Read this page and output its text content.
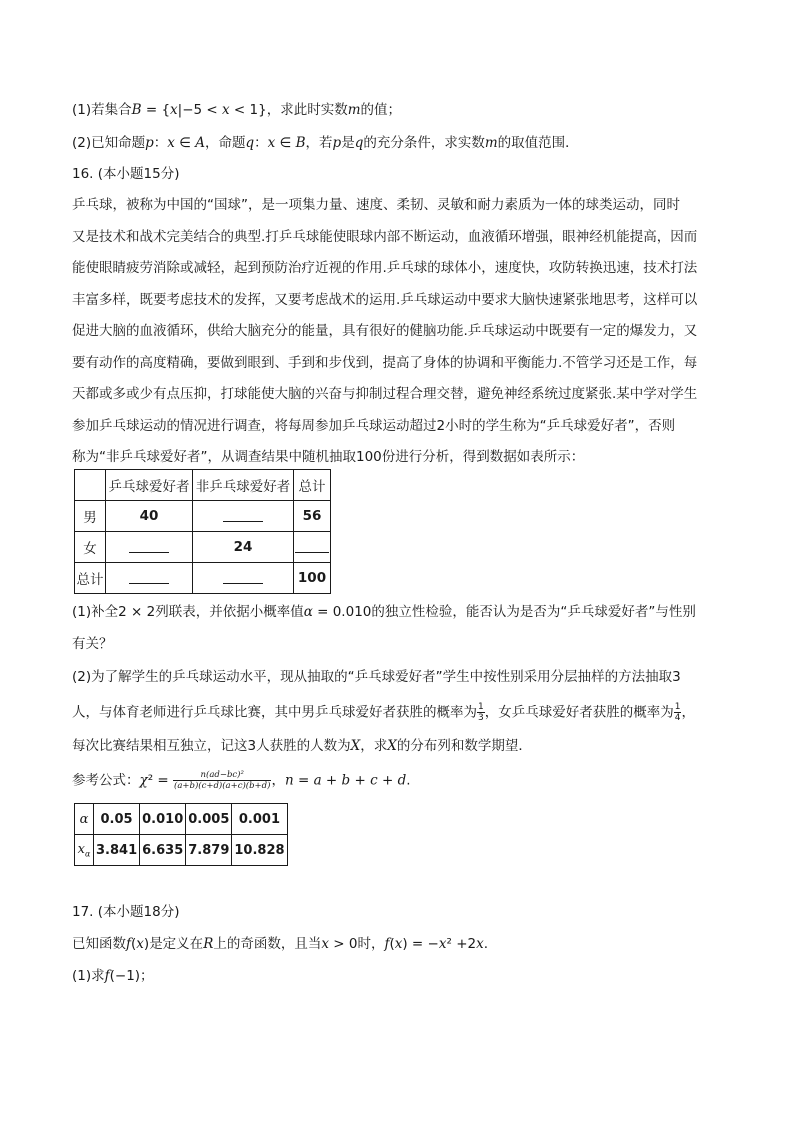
(1)若集合B = {x|−5 < x < 1}，求此时实数m的值；
(2)已知命题p：x ∈ A，命题q：x ∈ B，若p是q的充分条件，求实数m的取值范围．
16. (本小题15分)
乒乓球，被称为中国的“国球”，是一项集力量、速度、柔韧、灵敏和耐力素质为一体的球类运动，同时
又是技术和战术完美结合的典型.打乒乓球能使眼球内部不断运动，血液循环增强，眼神经机能提高，因而
能使眼睛疲劳消除或减轻，起到预防治疗近视的作用.乒乓球的球体小，速度快，攻防转换迅速，技术打法
丰富多样，既要考虑技术的发挥，又要考虑战术的运用.乒乓球运动中要求大脑快速紧张地思考，这样可以
促进大脑的血液循环，供给大脑充分的能量，具有很好的健脑功能.乒乓球运动中既要有一定的爆发力，又
要有动作的高度精确，要做到眼到、手到和步伐到，提高了身体的协调和平衡能力.不管学习还是工作，每
天都或多或少有点压抑，打球能使大脑的兴奋与抑制过程合理交替，避免神经系统过度紧张.某中学对学生
参加乒乓球运动的情况进行调查，将每周参加乒乓球运动超过2小时的学生称为“乒乓球爱好者”，否则
称为“非乒乓球爱好者”，从调查结果中随机抽取100份进行分析，得到数据如表所示：
	乒乓球爱好者	非乒乓球爱好者	总计
男	40		56
女		24	
总计			100
(1)补全2 × 2列联表，并依据小概率值α = 0.010的独立性检验，能否认为是否为“乒乓球爱好者”与性别
有关？
(2)为了解学生的乒乓球运动水平，现从抽取的“乒乓球爱好者”学生中按性别采用分层抽样的方法抽取3
人，与体育老师进行乒乓球比赛，其中男乒乓球爱好者获胜的概率为 $\frac{1}{3}$ ，女乒乓球爱好者获胜的概率为 $\frac{1}{4}$ ，
每次比赛结果相互独立，记这3人获胜的人数为X，求X的分布列和数学期望．
参考公式：$\chi^2 = \frac{\text{n(ad−bc)²}}{(a+b)(c+d)(a+c)(b+d)}$ ，n = a + b + c + d.
α	0.05	0.010	0.005	0.001
$x_\alpha$	3.841	6.635	7.879	10.828
17. (本小题18分)
已知函数f(x)是定义在R上的奇函数，且当x > 0时，f(x) = −x² +2x.
(1)求f(−1)；
